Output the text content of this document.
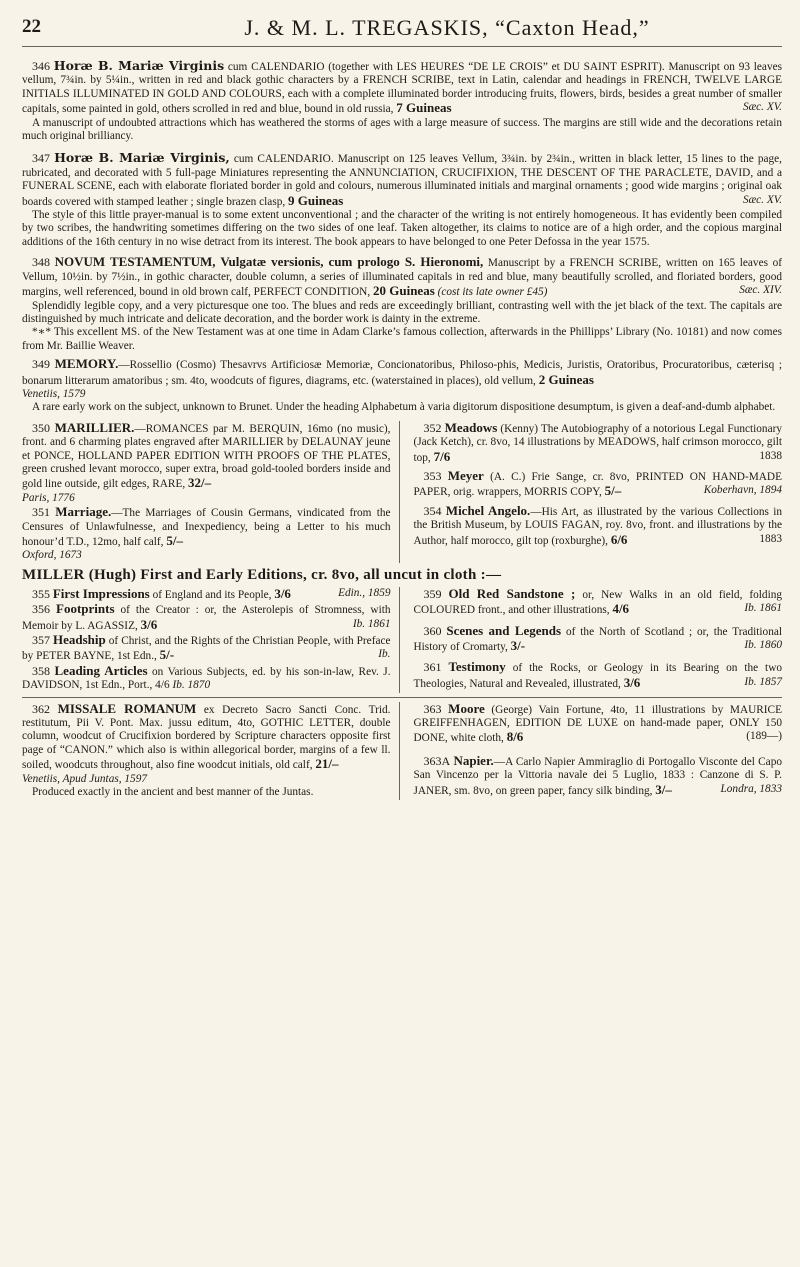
22	J. & M. L. TREGASKIS, “Caxton Head,”

346 Horæ B. Mariæ Virginis cum CALENDARIO (together with LES HEURES “DE LE CROIS” et DU SAINT ESPRIT). Manuscript on 93 leaves vellum, 7¾in. by 5¼in., written in red and black gothic characters by a FRENCH SCRIBE, text in Latin, calendar and headings in FRENCH, TWELVE LARGE INITIALS ILLUMINATED IN GOLD AND COLOURS, each with a complete illuminated border introducing fruits, flowers, birds, besides a great number of smaller capitals, some painted in gold, others scrolled in red and blue, bound in old russia, 7 Guineas	Sæc. XV.

A manuscript of undoubted attractions which has weathered the storms of ages with a large measure of success. The margins are still wide and the decorations retain much original brilliancy.

347 Horæ B. Mariæ Virginis, cum CALENDARIO. Manuscript on 125 leaves Vellum, 3¾in. by 2¾in., written in black letter, 15 lines to the page, rubricated, and decorated with 5 full-page Miniatures representing the ANNUNCIATION, CRUCIFIXION, THE DESCENT OF THE PARACLETE, DAVID, and a FUNERAL SCENE, each with elaborate floriated border in gold and colours, numerous illuminated initials and marginal ornaments ; good wide margins ; original oak boards covered with stamped leather ; single brazen clasp, 9 Guineas	Sæc. XV.

The style of this little prayer-manual is to some extent unconventional ; and the character of the writing is not entirely homogeneous. It has evidently been compiled by two scribes, the handwriting sometimes differing on the two sides of one leaf. Taken altogether, its claims to notice are of a high order, and the copious marginal additions of the 16th century in no wise detract from its interest. The book appears to have belonged to one Peter Defossa in the year 1575.

348 NOVUM TESTAMENTUM, Vulgatæ versionis, cum prologo S. Hieronomi, Manuscript by a FRENCH SCRIBE, written on 165 leaves of Vellum, 10½in. by 7½in., in gothic character, double column, a series of illuminated capitals in red and blue, many beautifully scrolled, and floriated borders, good margins, well referenced, bound in old brown calf, PERFECT CONDITION, 20 Guineas (cost its late owner £45)	Sæc. XIV.

Splendidly legible copy, and a very picturesque one too. The blues and reds are exceedingly brilliant, contrasting well with the jet black of the text. The capitals are distinguished by much intricate and delicate decoration, and the border work is dainty in the extreme.

*∗* This excellent MS. of the New Testament was at one time in Adam Clarke’s famous collection, afterwards in the Phillipps’ Library (No. 10181) and now comes from Mr. Baillie Weaver.

349 MEMORY.—Rossellio (Cosmo) Thesavrvs Artificiosæ Memoriæ, Concionatoribus, Philoso-phis, Medicis, Juristis, Oratoribus, Procuratoribus, cæterisq ; bonarum litterarum amatoribus ; sm. 4to, woodcuts of figures, diagrams, etc. (waterstained in places), old vellum, 2 Guineas

Venetiis, 1579

A rare early work on the subject, unknown to Brunet. Under the heading Alphabetum à varia digitorum dispositione desumptum, is given a deaf-and-dumb alphabet.

350 MARILLIER.—ROMANCES par M. BERQUIN, 16mo (no music), front. and 6 charming plates engraved after MARILLIER by DELAUNAY jeune et PONCE, HOLLAND PAPER EDITION WITH PROOFS OF THE PLATES, green crushed levant morocco, super extra, broad gold-tooled borders inside and gold line outside, gilt edges, RARE, 32/–

Paris, 1776

351 Marriage.—The Marriages of Cousin Germans, vindicated from the Censures of Unlawfulnesse, and Inexpediency, being a Letter to his much honour’d T.D., 12mo, half calf, 5/–

Oxford, 1673

352 Meadows (Kenny) The Autobiography of a notorious Legal Functionary (Jack Ketch), cr. 8vo, 14 illustrations by MEADOWS, half crimson morocco, gilt top, 7/6	1838

353 Meyer (A. C.) Frie Sange, cr. 8vo, PRINTED ON HAND-MADE PAPER, orig. wrappers, MORRIS COPY, 5/–	Koberhavn, 1894

354 Michel Angelo.—His Art, as illustrated by the various Collections in the British Museum, by LOUIS FAGAN, roy. 8vo, front. and illustrations by the Author, half morocco, gilt top (roxburghe), 6/6	1883

MILLER (Hugh) First and Early Editions, cr. 8vo, all uncut in cloth :—

355 First Impressions of England and its People, 3/6	Edin., 1859

356 Footprints of the Creator : or, the Asterolepis of Stromness, with Memoir by L. AGASSIZ, 3/6	Ib. 1861

357 Headship of Christ, and the Rights of the Christian People, with Preface by PETER BAYNE, 1st Edn., 5/-	Ib.

358 Leading Articles on Various Subjects, ed. by his son-in-law, Rev. J. DAVIDSON, 1st Edn., Port., 4/6 Ib. 1870

359 Old Red Sandstone ; or, New Walks in an old field, folding COLOURED front., and other illustrations, 4/6	Ib. 1861

360 Scenes and Legends of the North of Scotland ; or, the Traditional History of Cromarty, 3/-	Ib. 1860

361 Testimony of the Rocks, or Geology in its Bearing on the two Theologies, Natural and Revealed, illustrated, 3/6	Ib. 1857

362 MISSALE ROMANUM ex Decreto Sacro Sancti Conc. Trid. restitutum, Pii V. Pont. Max. jussu editum, 4to, GOTHIC LETTER, double column, woodcut of Crucifixion bordered by Scripture characters opposite first page of “CANON.” which also is within allegorical border, margins of a few ll. soiled, woodcuts throughout, also fine woodcut initials, old calf, 21/–

Venetiis, Apud Juntas, 1597

Produced exactly in the ancient and best manner of the Juntas.

363 Moore (George) Vain Fortune, 4to, 11 illustrations by MAURICE GREIFFENHAGEN, EDITION DE LUXE on hand-made paper, ONLY 150 DONE, white cloth, 8/6	(189—)

363A Napier.—A Carlo Napier Ammiraglio di Portogallo Visconte del Capo San Vincenzo per la Vittoria navale dei 5 Luglio, 1833 : Canzone di S. P. JANER, sm. 8vo, on green paper, fancy silk binding, 3/–	Londra, 1833
